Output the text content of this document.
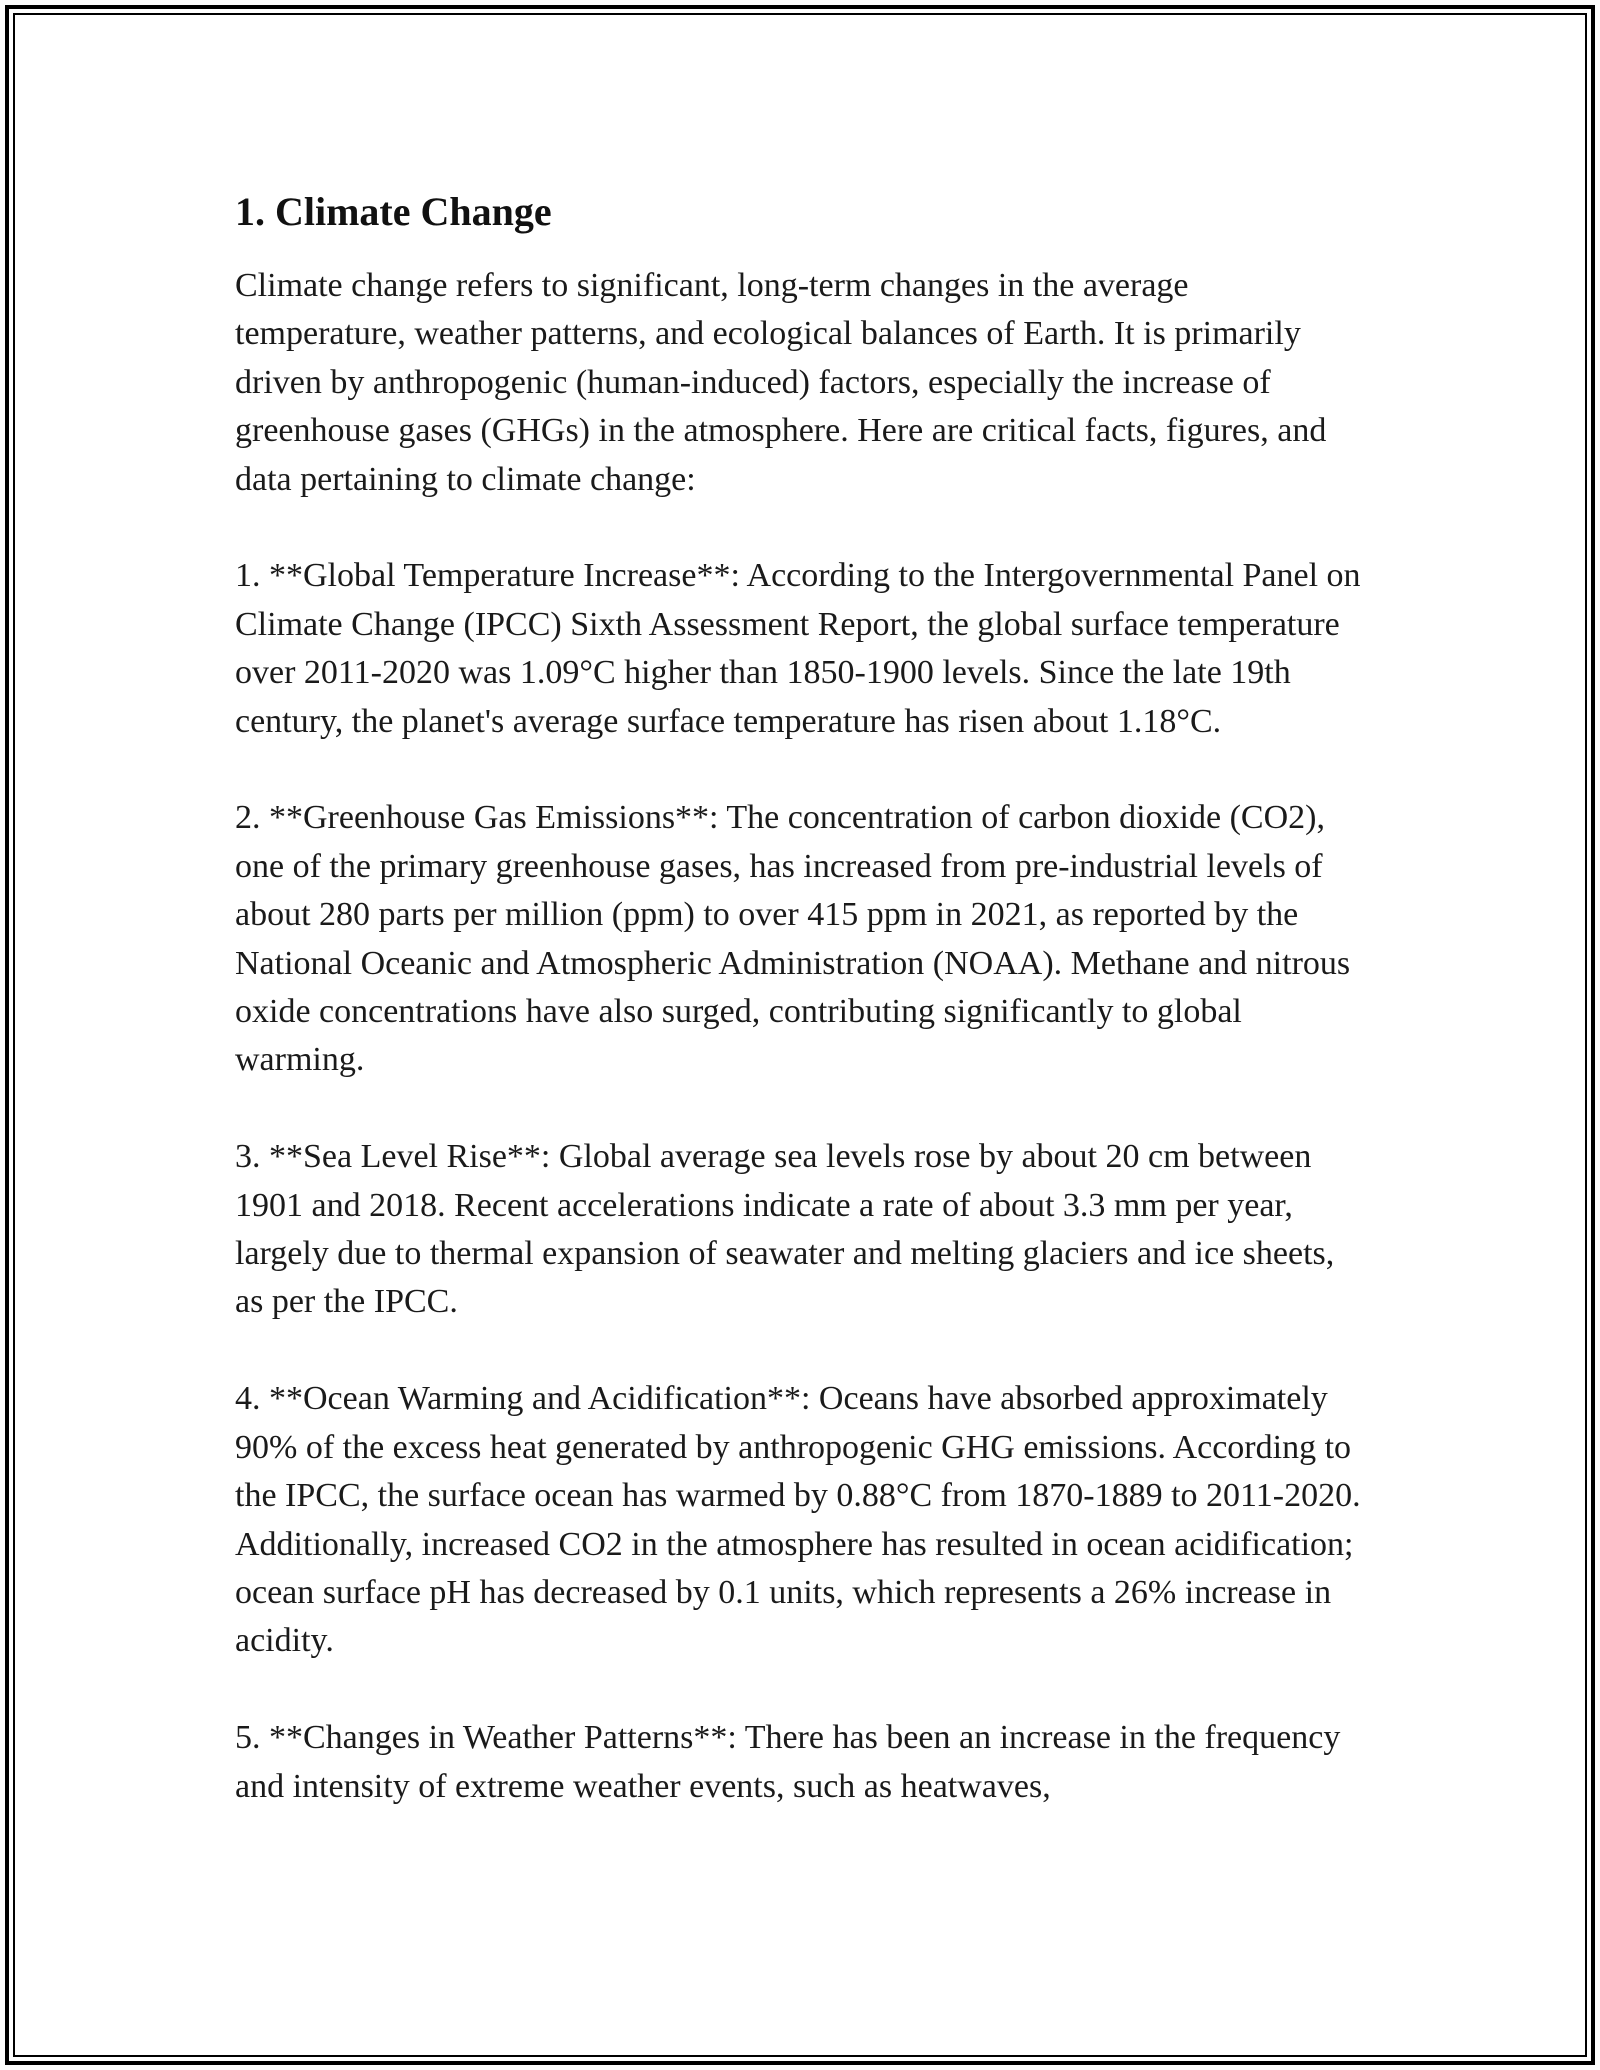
1. Climate Change

Climate change refers to significant, long-term changes in the average temperature, weather patterns, and ecological balances of Earth. It is primarily driven by anthropogenic (human-induced) factors, especially the increase of greenhouse gases (GHGs) in the atmosphere. Here are critical facts, figures, and data pertaining to climate change:

1. **Global Temperature Increase**: According to the Intergovernmental Panel on Climate Change (IPCC) Sixth Assessment Report, the global surface temperature over 2011-2020 was 1.09°C higher than 1850-1900 levels. Since the late 19th century, the planet's average surface temperature has risen about 1.18°C.

2. **Greenhouse Gas Emissions**: The concentration of carbon dioxide (CO2), one of the primary greenhouse gases, has increased from pre-industrial levels of about 280 parts per million (ppm) to over 415 ppm in 2021, as reported by the National Oceanic and Atmospheric Administration (NOAA). Methane and nitrous oxide concentrations have also surged, contributing significantly to global warming.

3. **Sea Level Rise**: Global average sea levels rose by about 20 cm between 1901 and 2018. Recent accelerations indicate a rate of about 3.3 mm per year, largely due to thermal expansion of seawater and melting glaciers and ice sheets, as per the IPCC.

4. **Ocean Warming and Acidification**: Oceans have absorbed approximately 90% of the excess heat generated by anthropogenic GHG emissions. According to the IPCC, the surface ocean has warmed by 0.88°C from 1870-1889 to 2011-2020. Additionally, increased CO2 in the atmosphere has resulted in ocean acidification; ocean surface pH has decreased by 0.1 units, which represents a 26% increase in acidity.

5. **Changes in Weather Patterns**: There has been an increase in the frequency and intensity of extreme weather events, such as heatwaves,
